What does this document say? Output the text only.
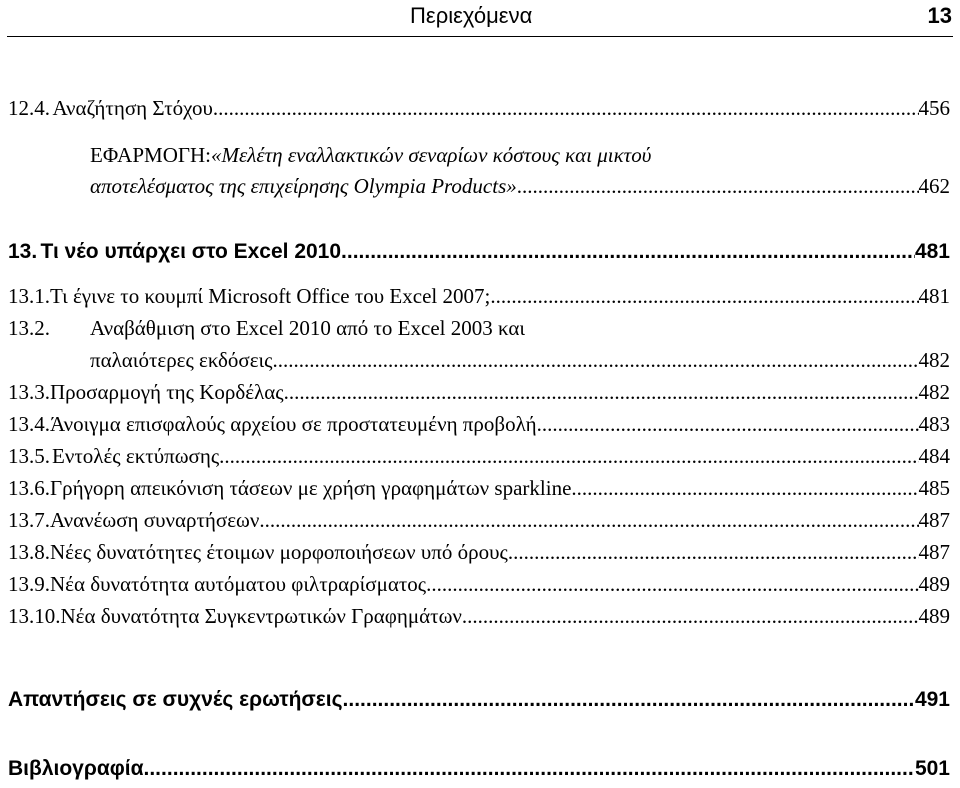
Περιεχόμενα	13
12.4. Αναζήτηση Στόχου .....	456
ΕΦΑΡΜΟΓΗ: «Μελέτη εναλλακτικών σεναρίων κόστους και μικτού
αποτελέσματος της επιχείρησης Olympia Products» .....	462
13. Τι νέο υπάρχει στο Excel 2010 .....	481
13.1. Τι έγινε το κουμπί Microsoft Office του Excel 2007; .....	481
13.2.	Αναβάθμιση στο Excel 2010 από το Excel 2003 και
παλαιότερες εκδόσεις .....	482
13.3. Προσαρμογή της Κορδέλας .....	482
13.4. Άνοιγμα επισφαλούς αρχείου σε προστατευμένη προβολή .....	483
13.5. Εντολές εκτύπωσης .....	484
13.6. Γρήγορη απεικόνιση τάσεων με χρήση γραφημάτων sparkline .....	485
13.7. Ανανέωση συναρτήσεων .....	487
13.8. Νέες δυνατότητες έτοιμων μορφοποιήσεων υπό όρους .....	487
13.9. Νέα δυνατότητα αυτόματου φιλτραρίσματος .....	489
13.10. Νέα δυνατότητα Συγκεντρωτικών Γραφημάτων .....	489
Απαντήσεις σε συχνές ερωτήσεις .....	491
Βιβλιογραφία .....	501
